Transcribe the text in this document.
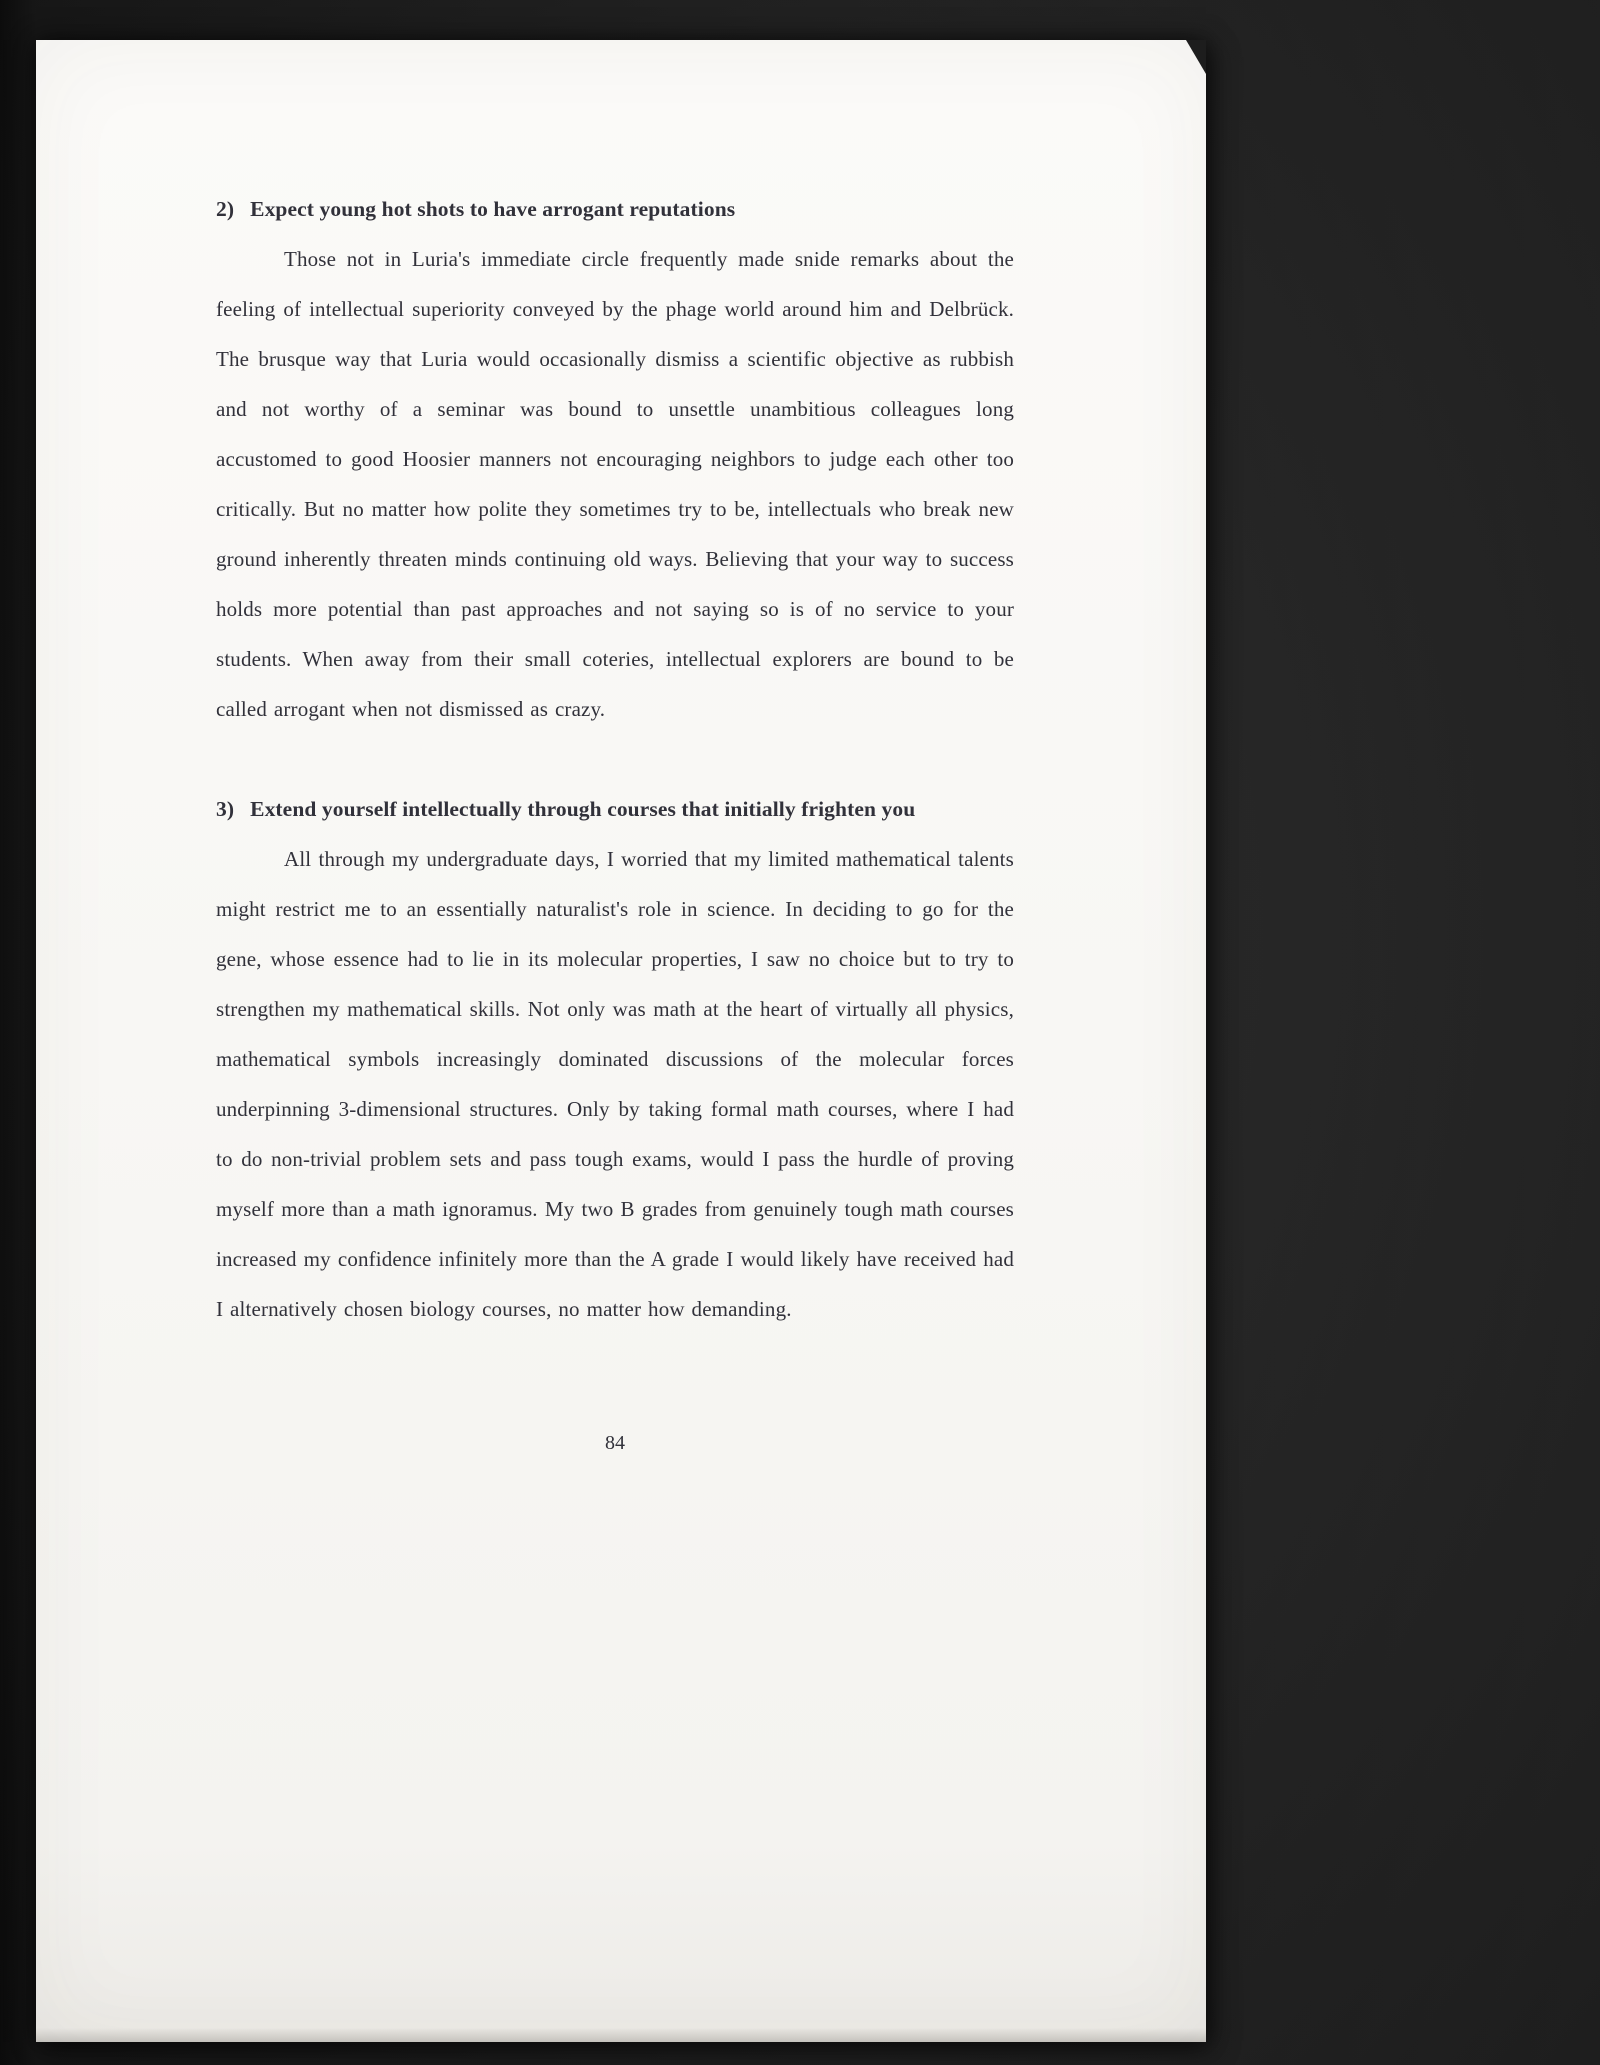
2) Expect young hot shots to have arrogant reputations

Those not in Luria's immediate circle frequently made snide remarks about the feeling of intellectual superiority conveyed by the phage world around him and Delbrück. The brusque way that Luria would occasionally dismiss a scientific objective as rubbish and not worthy of a seminar was bound to unsettle unambitious colleagues long accustomed to good Hoosier manners not encouraging neighbors to judge each other too critically. But no matter how polite they sometimes try to be, intellectuals who break new ground inherently threaten minds continuing old ways. Believing that your way to success holds more potential than past approaches and not saying so is of no service to your students. When away from their small coteries, intellectual explorers are bound to be called arrogant when not dismissed as crazy.

3) Extend yourself intellectually through courses that initially frighten you

All through my undergraduate days, I worried that my limited mathematical talents might restrict me to an essentially naturalist's role in science. In deciding to go for the gene, whose essence had to lie in its molecular properties, I saw no choice but to try to strengthen my mathematical skills. Not only was math at the heart of virtually all physics, mathematical symbols increasingly dominated discussions of the molecular forces underpinning 3-dimensional structures. Only by taking formal math courses, where I had to do non-trivial problem sets and pass tough exams, would I pass the hurdle of proving myself more than a math ignoramus. My two B grades from genuinely tough math courses increased my confidence infinitely more than the A grade I would likely have received had I alternatively chosen biology courses, no matter how demanding.

84
